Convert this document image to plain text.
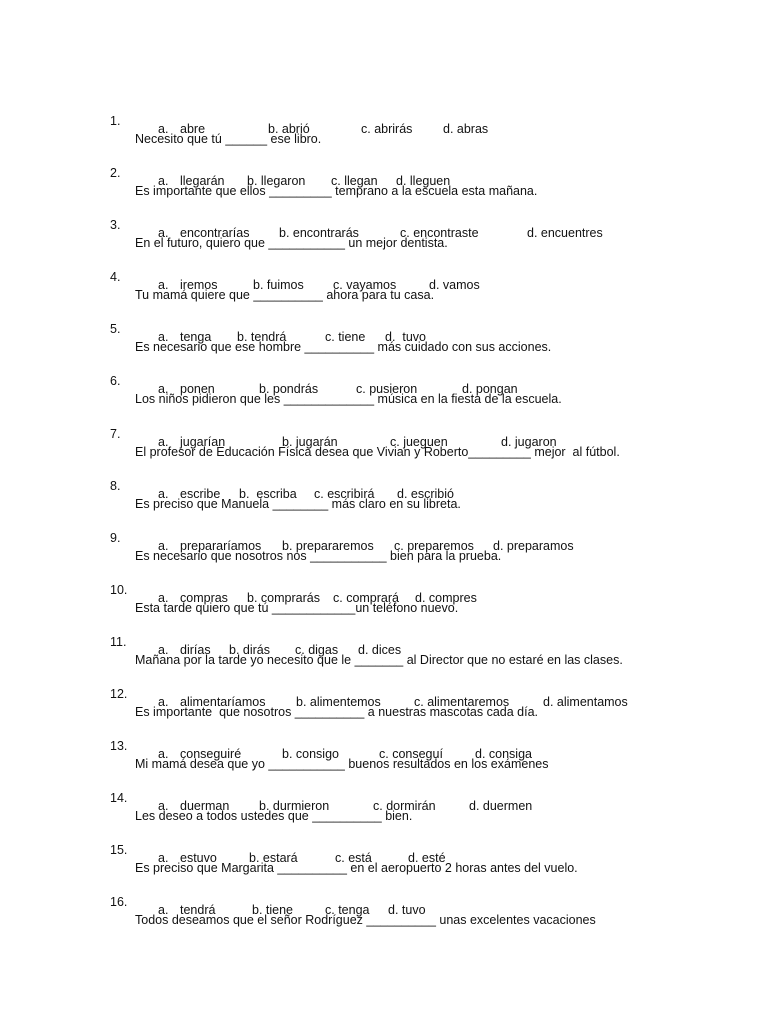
1.

Necesito que tú ______ ese libro.

a. abre	b. abrió	c. abrirás d. abras

2.

Es importante que ellos _________ temprano a la escuela esta mañana.

a. llegarán b. llegaron c. llegan d. lleguen

3.

En el futuro, quiero que ___________ un mejor dentista.

a. encontrarías b. encontrarás	c. encontraste	d. encuentres

4.

Tu mamá quiere que __________ ahora para tu casa.

a. iremos	b. fuimos c. vayamos	d. vamos

5.

Es necesario que ese hombre __________ más cuidado con sus acciones.

a. tenga b. tendrá	c. tiene d.  tuvo

6.

Los niños pidieron que les _____________ música en la fiesta de la escuela.

a. ponen	b. pondrás	c. pusieron	d. pongan

7.

El profesor de Educación Física desea que Vivian y Roberto_________ mejor  al fútbol.

a. jugarían	b. jugarán	c. jueguen	d. jugaron

8.

Es preciso que Manuela ________ más claro en su libreta.

a. escribe b.  escriba c. escribirá d. escribió

9.

Es necesario que nosotros nos ___________ bien para la prueba.

a. prepararíamos b. prepararemos c. preparemos d. preparamos

10.

Esta tarde quiero que tú ____________un teléfono nuevo.

a. compras b. comprarás c. comprará d. compres

11.

Mañana por la tarde yo necesito que le _______ al Director que no estaré en las clases.

a. dirías b. dirás c. digas d. dices

12.

Es importante  que nosotros __________ a nuestras mascotas cada día.

a. alimentaríamos b. alimentemos	c. alimentaremos	d. alimentamos

13.

Mi mamá desea que yo ___________ buenos resultados en los exámenes

a. conseguiré	b. consigo	c. conseguí	d. consiga

14.

Les deseo a todos ustedes que __________ bien.

a. duerman b. durmieron	c. dormirán	d. duermen

15.

Es preciso que Margarita __________ en el aeropuerto 2 horas antes del vuelo.

a. estuvo	b. estará	c. está	d. esté

16.

Todos deseamos que el señor Rodríguez __________ unas excelentes vacaciones

a. tendrá	b. tiene	c. tenga d. tuvo
